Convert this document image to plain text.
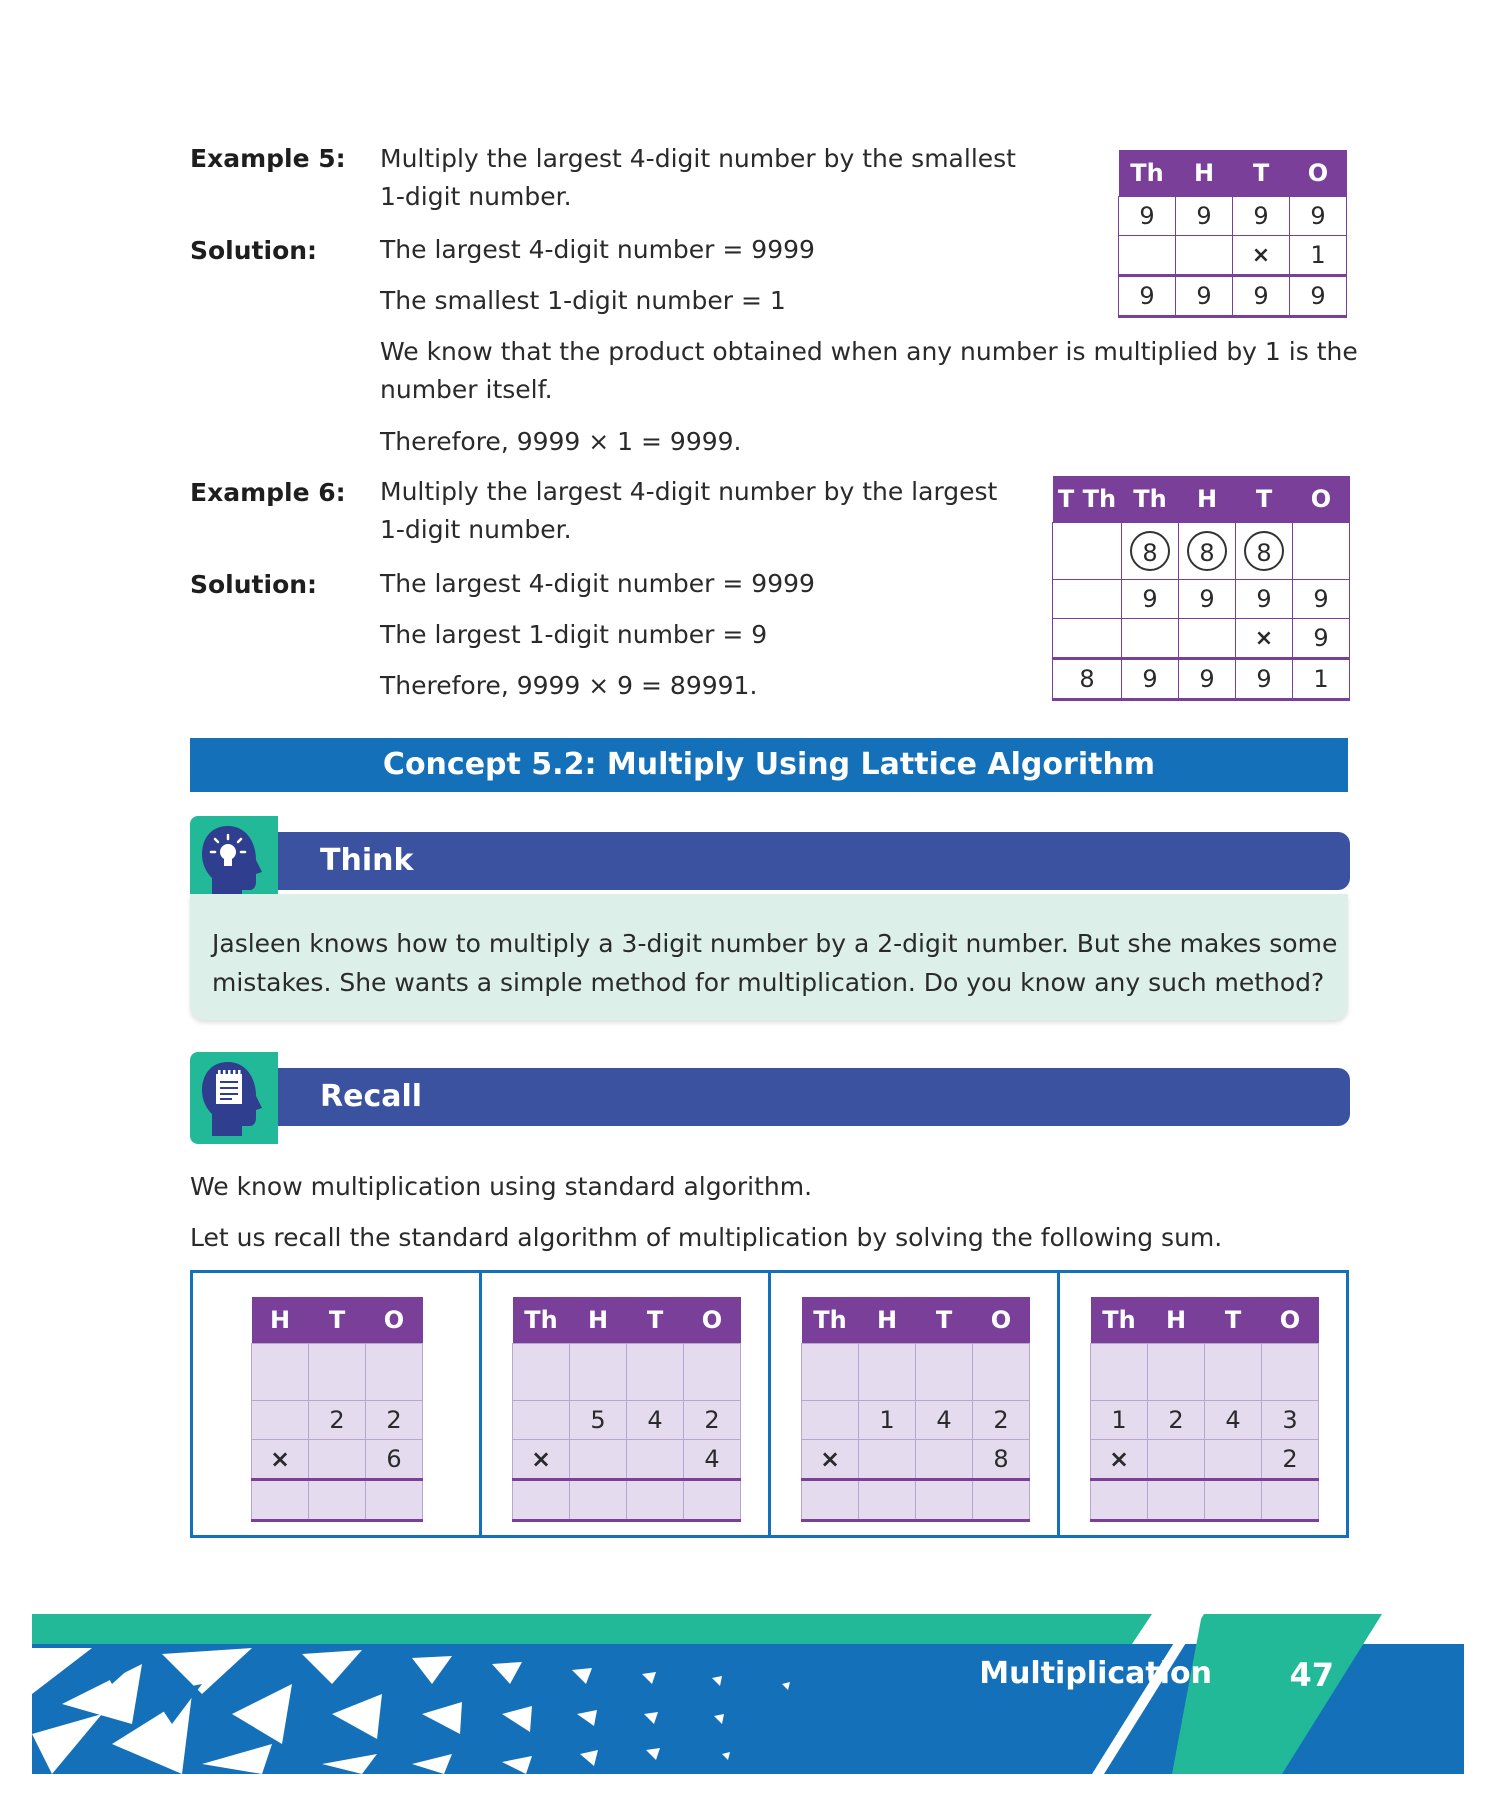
Example 5: Multiply the largest 4-digit number by the smallest
1-digit number.
Solution:	The largest 4-digit number = 9999
The smallest 1-digit number = 1
We know that the product obtained when any number is multiplied by 1 is the
number itself.
Therefore, 9999 × 1 = 9999.
Th	H	T	O
9	9	9	9
		×	1
9	9	9	9
Example 6: Multiply the largest 4-digit number by the largest
1-digit number.
Solution:	The largest 4-digit number = 9999
The largest 1-digit number = 9
Therefore, 9999 × 9 = 89991.
T Th	Th	H	T	O
	8	8	8	
	9	9	9	9
			×	9
8	9	9	9	1
Concept 5.2: Multiply Using Lattice Algorithm
Think

Jasleen knows how to multiply a 3-digit number by a 2-digit number. But she makes some
mistakes. She wants a simple method for multiplication. Do you know any such method?

Recall
We know multiplication using standard algorithm.
Let us recall the standard algorithm of multiplication by solving the following sum.
H	T	O

	2	2
×		6

Th	H	T	O

	5	4	2
×			4

Th	H	T	O

	1	4	2
×			8

Th	H	T	O

1	2	4	3
×			2

Multiplication 47
